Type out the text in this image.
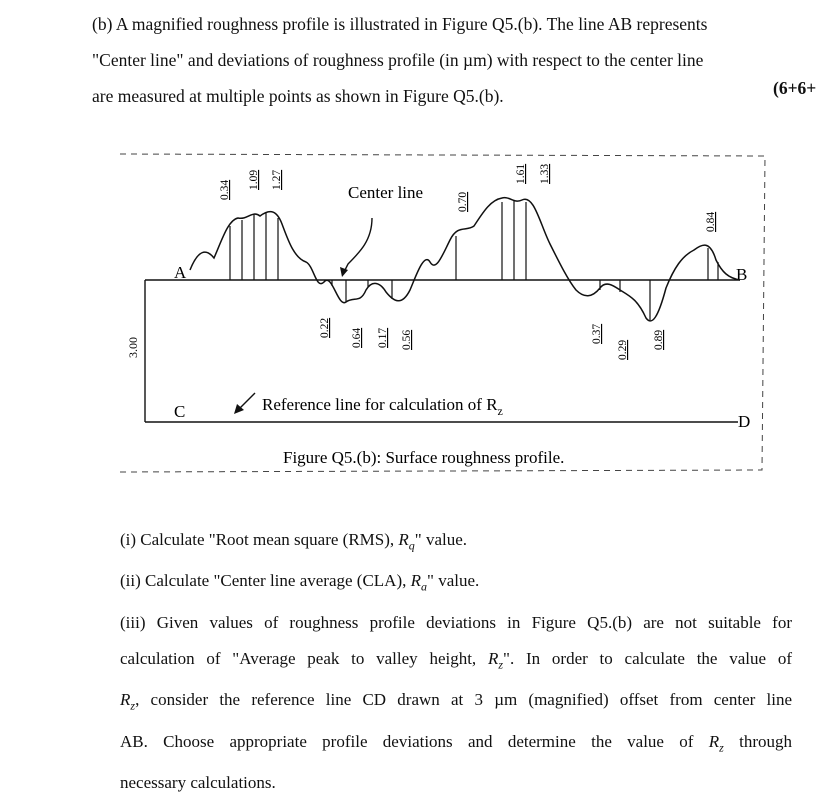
(b) A magnified roughness profile is illustrated in Figure Q5.(b). The line AB represents
"Center line" and deviations of roughness profile (in µm) with respect to the center line
are measured at multiple points as shown in Figure Q5.(b).	(6+6+
3.00
A	B
C
D
0.34 1.09 1.27
0.70
1.61 1.33
0.84
0.22 0.64 0.17 0.56	0.37
0.29 0.89
Center line
Reference line for calculation of $R_z$
Figure Q5.(b): Surface roughness profile.
(i) Calculate "Root mean square (RMS), $R_q$" value.
(ii) Calculate "Center line average (CLA), $R_a$" value.
(iii) Given values of roughness profile deviations in Figure Q5.(b) are not suitable for
calculation of "Average peak to valley height, $R_z$". In order to calculate the value of
$R_z$, consider the reference line CD drawn at 3 µm (magnified) offset from center line
AB. Choose appropriate profile deviations and determine the value of $R_z$ through
necessary calculations.
